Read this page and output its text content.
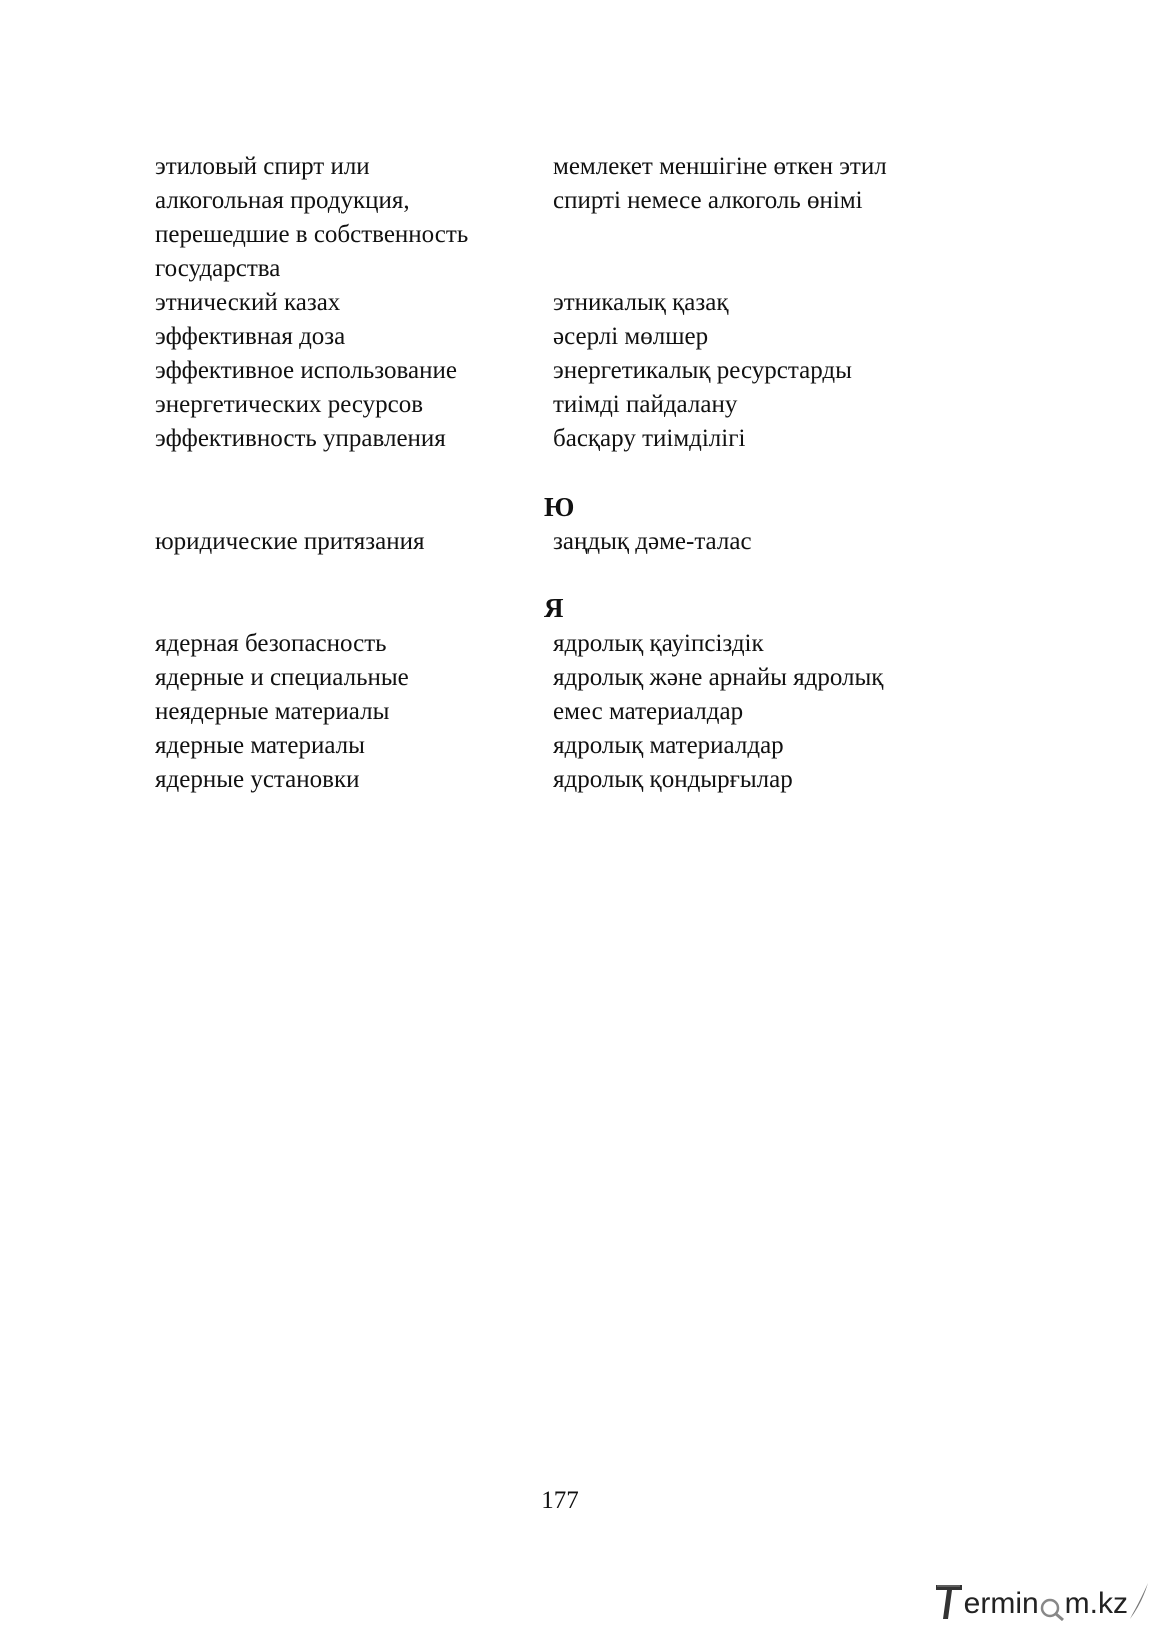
этиловый спирт или	мемлекет меншігіне өткен этил
алкогольная продукция,	спирті немесе алкоголь өнімі
перешедшие в собственность
государства
этнический казах	этникалық қазақ
эффективная доза	әсерлі мөлшер
эффективное использование	энергетикалық ресурстарды
энергетических ресурсов	тиімді пайдалану
эффективность управления	басқару тиімділігі
Ю
юридические притязания	заңдық дәме-талас
Я
ядерная безопасность	ядролық қауіпсіздік
ядерные и специальные	ядролық және арнайы ядролық
неядерные материалы	емес материалдар
ядерные материалы	ядролық материалдар
ядерные установки	ядролық қондырғылар
177
ermin m.kz
